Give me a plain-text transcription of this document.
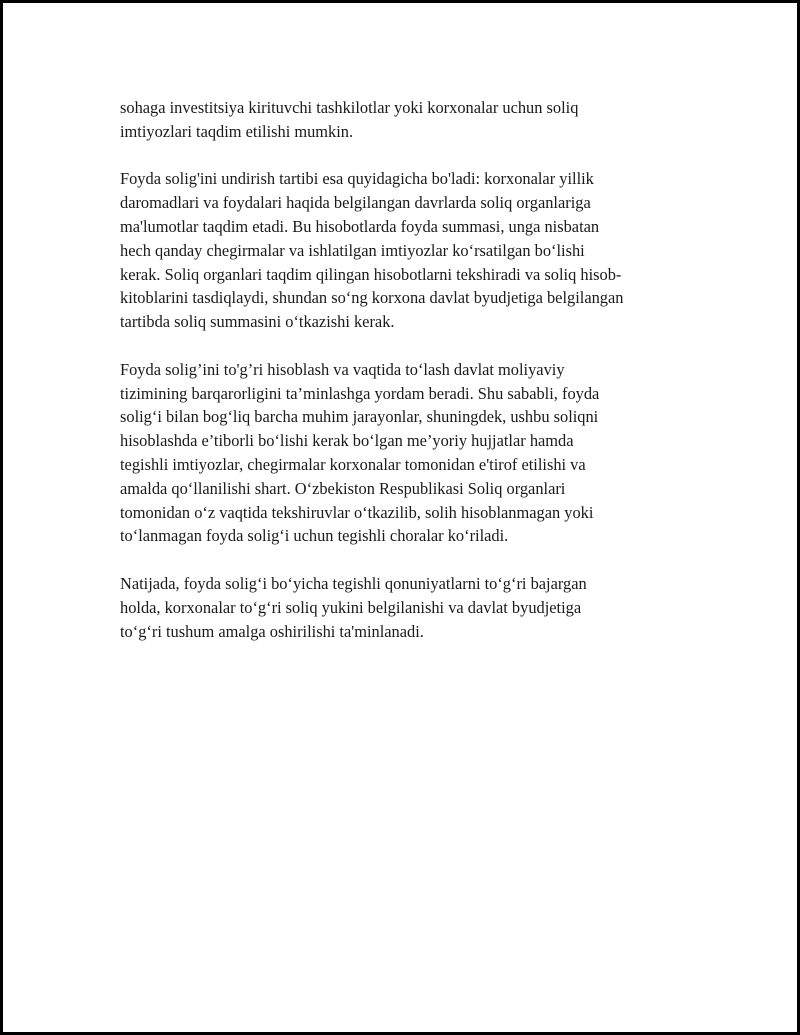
sohaga investitsiya kirituvchi tashkilotlar yoki korxonalar uchun soliq
imtiyozlari taqdim etilishi mumkin.

Foyda solig'ini undirish tartibi esa quyidagicha bo'ladi: korxonalar yillik
daromadlari va foydalari haqida belgilangan davrlarda soliq organlariga
ma'lumotlar taqdim etadi. Bu hisobotlarda foyda summasi, unga nisbatan
hech qanday chegirmalar va ishlatilgan imtiyozlar ko‘rsatilgan bo‘lishi
kerak. Soliq organlari taqdim qilingan hisobotlarni tekshiradi va soliq hisob-
kitoblarini tasdiqlaydi, shundan so‘ng korxona davlat byudjetiga belgilangan
tartibda soliq summasini o‘tkazishi kerak.

Foyda solig’ini to'g’ri hisoblash va vaqtida to‘lash davlat moliyaviy
tizimining barqarorligini ta’minlashga yordam beradi. Shu sababli, foyda
solig‘i bilan bog‘liq barcha muhim jarayonlar, shuningdek, ushbu soliqni
hisoblashda e’tiborli bo‘lishi kerak bo‘lgan me’yoriy hujjatlar hamda
tegishli imtiyozlar, chegirmalar korxonalar tomonidan e'tirof etilishi va
amalda qo‘llanilishi shart. O‘zbekiston Respublikasi Soliq organlari
tomonidan o‘z vaqtida tekshiruvlar o‘tkazilib, solih hisoblanmagan yoki
to‘lanmagan foyda solig‘i uchun tegishli choralar ko‘riladi.

Natijada, foyda solig‘i bo‘yicha tegishli qonuniyatlarni to‘g‘ri bajargan
holda, korxonalar to‘g‘ri soliq yukini belgilanishi va davlat byudjetiga
to‘g‘ri tushum amalga oshirilishi ta'minlanadi.
